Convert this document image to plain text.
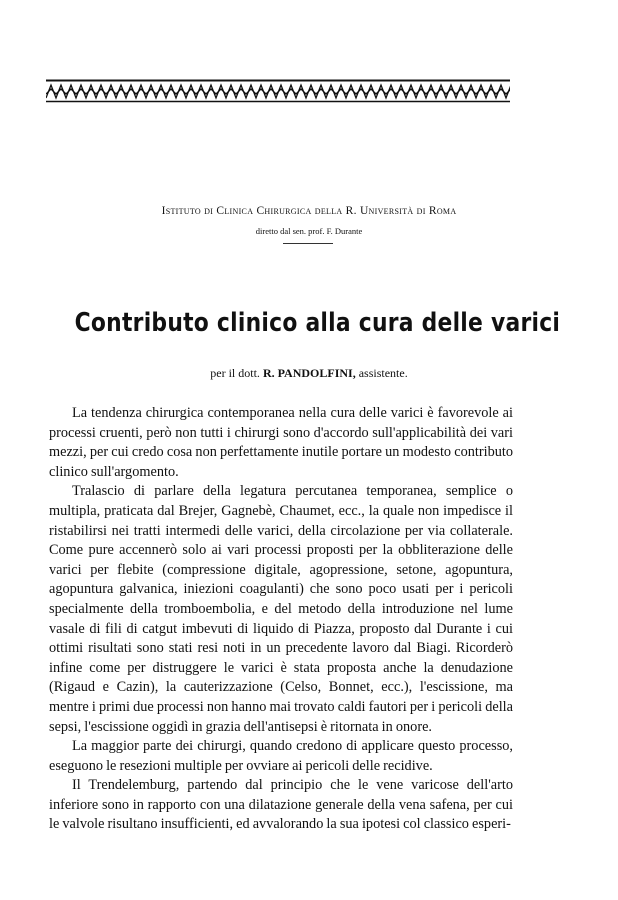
Istituto di Clinica Chirurgica della R. Università di Roma
diretto dal sen. prof. F. Durante
Contributo clinico alla cura delle varici
per il dott. R. PANDOLFINI, assistente.

La tendenza chirurgica contemporanea nella cura delle varici è favorevole ai processi cruenti, però non tutti i chirurgi sono d'accordo sull'applicabilità dei vari mezzi, per cui credo cosa non perfettamente inutile portare un modesto contributo clinico sull'argomento.

Tralascio di parlare della legatura percutanea temporanea, semplice o multipla, praticata dal Brejer, Gagnebè, Chaumet, ecc., la quale non impedisce il ristabilirsi nei tratti intermedi delle varici, della circolazione per via collaterale. Come pure accennerò solo ai vari processi proposti per la obbliterazione delle varici per flebite (compressione digitale, agopressione, setone, agopuntura, agopuntura galvanica, iniezioni coagulanti) che sono poco usati per i pericoli specialmente della tromboembolia, e del metodo della introduzione nel lume vasale di fili di catgut imbevuti di liquido di Piazza, proposto dal Durante i cui ottimi risultati sono stati resi noti in un precedente lavoro dal Biagi. Ricorderò infine come per distruggere le varici è stata proposta anche la denudazione (Rigaud e Cazin), la cauterizzazione (Celso, Bonnet, ecc.), l'escissione, ma mentre i primi due processi non hanno mai trovato caldi fautori per i pericoli della sepsi, l'escissione oggidì in grazia dell'antisepsi è ritornata in onore.

La maggior parte dei chirurgi, quando credono di applicare questo processo, eseguono le resezioni multiple per ovviare ai pericoli delle recidive.

Il Trendelemburg, partendo dal principio che le vene varicose dell'arto inferiore sono in rapporto con una dilatazione generale della vena safena, per cui le valvole risultano insufficienti, ed avvalorando la sua ipotesi col classico esperi-
